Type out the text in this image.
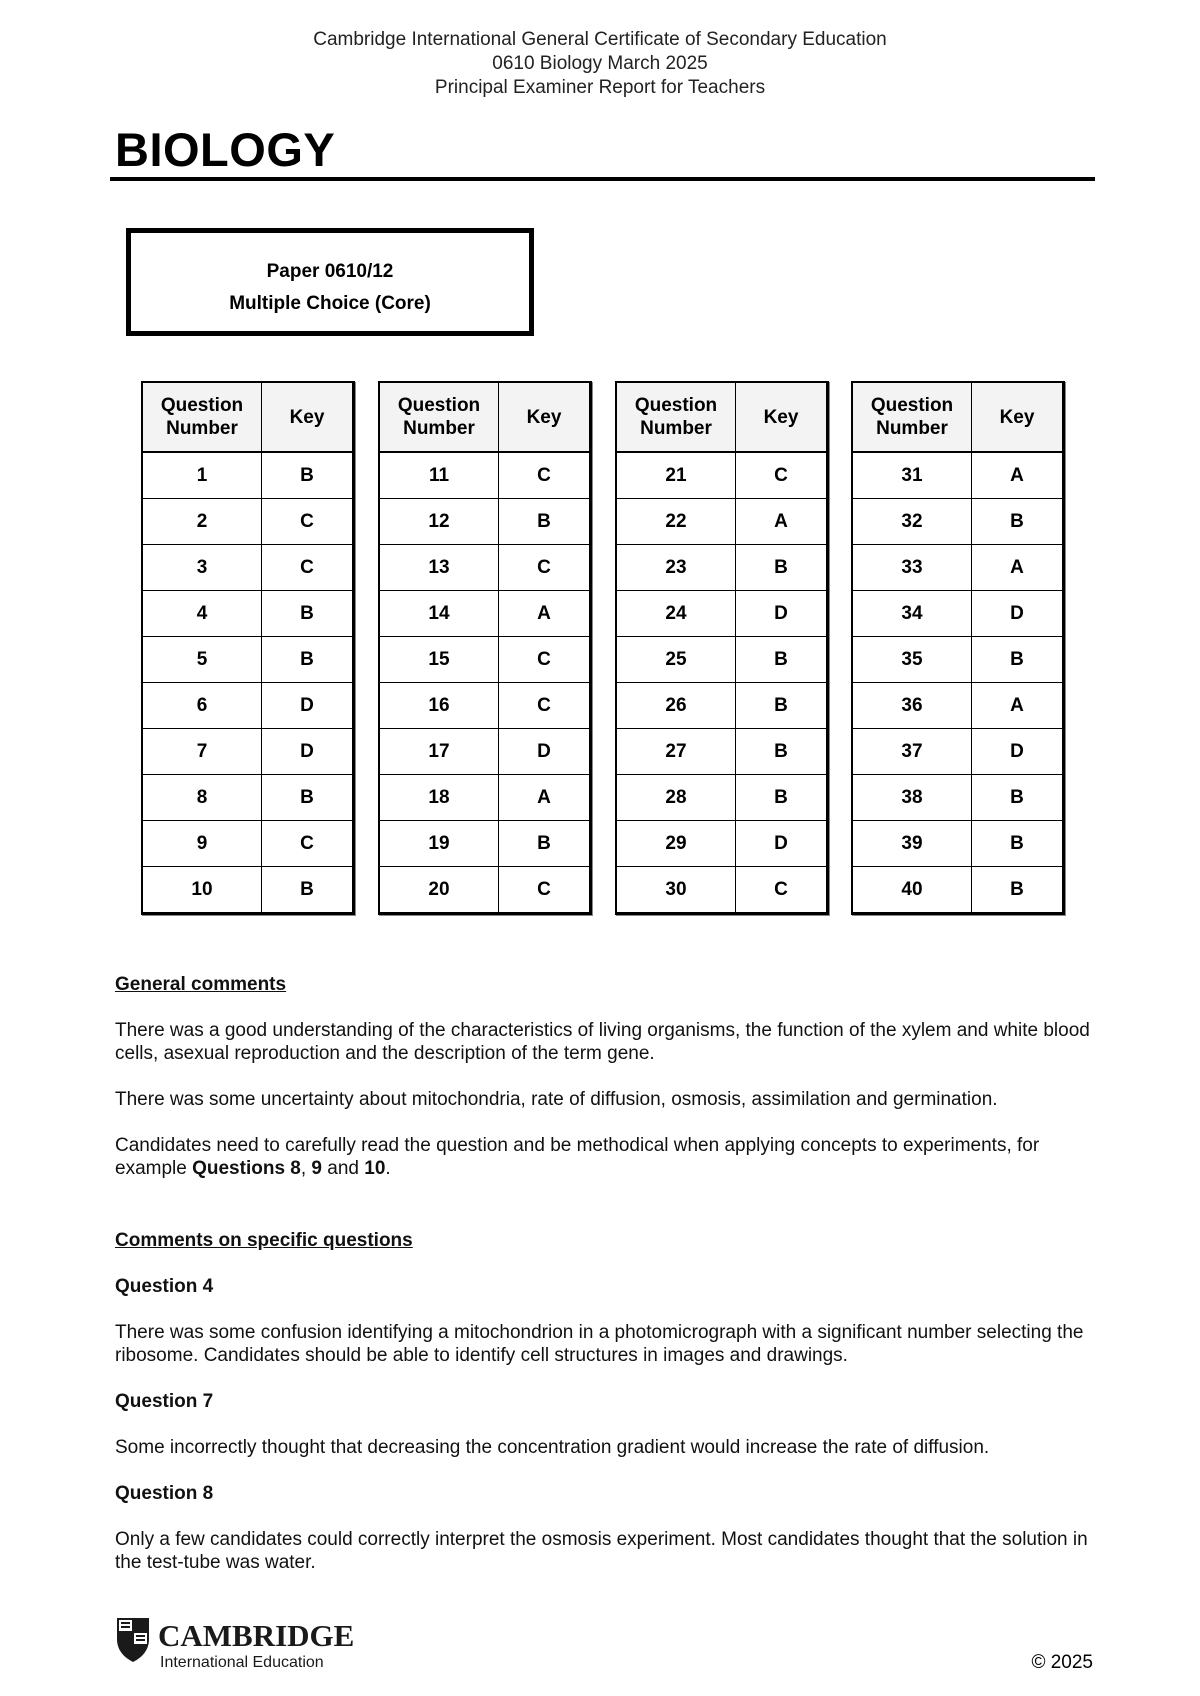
Cambridge International General Certificate of Secondary Education
0610 Biology March 2025
Principal Examiner Report for Teachers
BIOLOGY
Paper 0610/12
Multiple Choice (Core)
Question Number	Key
1	B
2	C
3	C
4	B
5	B
6	D
7	D
8	B
9	C
10	B
Question Number	Key
11	C
12	B
13	C
14	A
15	C
16	C
17	D
18	A
19	B
20	C
Question Number	Key
21	C
22	A
23	B
24	D
25	B
26	B
27	B
28	B
29	D
30	C
Question Number	Key
31	A
32	B
33	A
34	D
35	B
36	A
37	D
38	B
39	B
40	B

General comments

There was a good understanding of the characteristics of living organisms, the function of the xylem and white blood cells, asexual reproduction and the description of the term gene.

There was some uncertainty about mitochondria, rate of diffusion, osmosis, assimilation and germination.

Candidates need to carefully read the question and be methodical when applying concepts to experiments, for example Questions 8, 9 and 10.

Comments on specific questions

Question 4

There was some confusion identifying a mitochondrion in a photomicrograph with a significant number selecting the ribosome. Candidates should be able to identify cell structures in images and drawings.

Question 7

Some incorrectly thought that decreasing the concentration gradient would increase the rate of diffusion.

Question 8

Only a few candidates could correctly interpret the osmosis experiment. Most candidates thought that the solution in the test-tube was water.

CAMBRIDGE
International Education	© 2025
